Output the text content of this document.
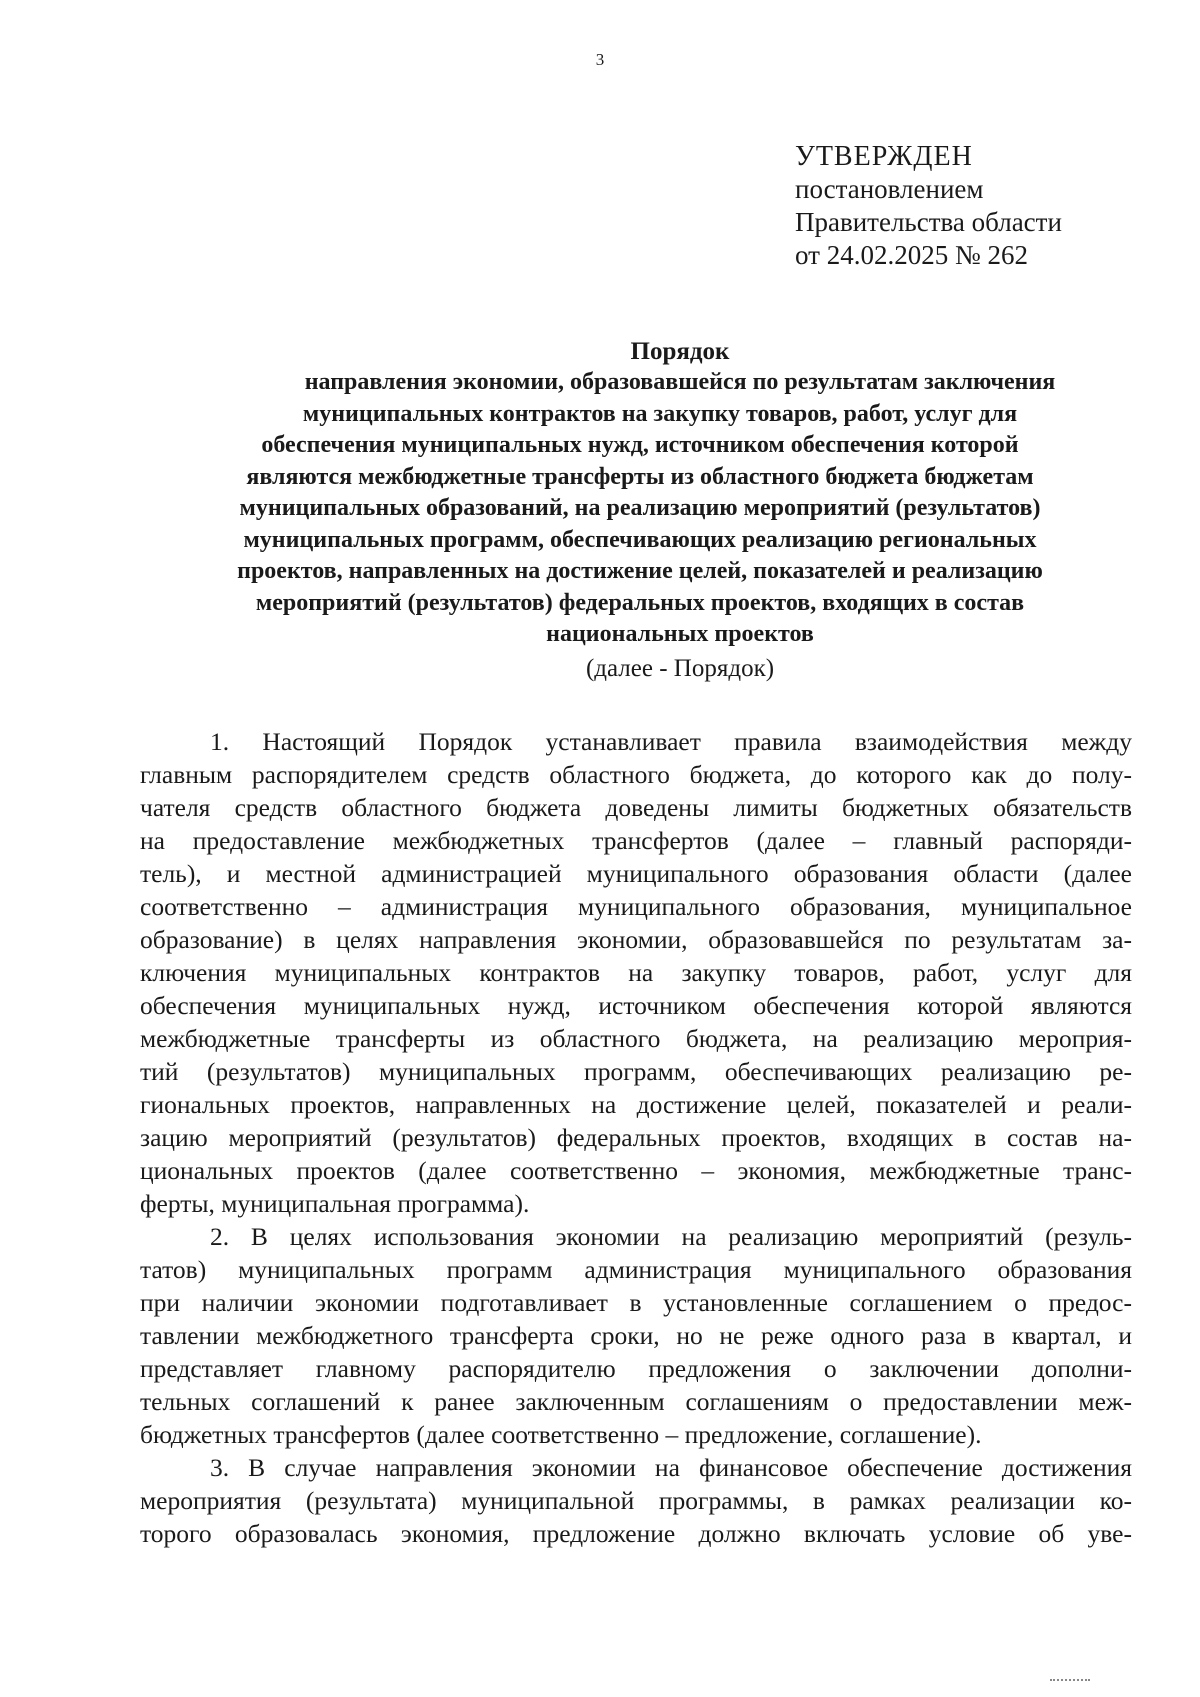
3
УТВЕРЖДЕН
постановлением
Правительства области
от 24.02.2025 № 262
Порядок
направления экономии, образовавшейся по результатам заключения
муниципальных контрактов на закупку товаров, работ, услуг для
обеспечения муниципальных нужд, источником обеспечения которой
являются межбюджетные трансферты из областного бюджета бюджетам
муниципальных образований, на реализацию мероприятий (результатов)
муниципальных программ, обеспечивающих реализацию региональных
проектов, направленных на достижение целей, показателей и реализацию
мероприятий (результатов) федеральных проектов, входящих в состав
национальных проектов
(далее - Порядок)
1. Настоящий Порядок устанавливает правила взаимодействия между
главным распорядителем средств областного бюджета, до которого как до полу-
чателя средств областного бюджета доведены лимиты бюджетных обязательств
на предоставление межбюджетных трансфертов (далее – главный распоряди-
тель), и местной администрацией муниципального образования области (далее
соответственно – администрация муниципального образования, муниципальное
образование) в целях направления экономии, образовавшейся по результатам за-
ключения муниципальных контрактов на закупку товаров, работ, услуг для
обеспечения муниципальных нужд, источником обеспечения которой являются
межбюджетные трансферты из областного бюджета, на реализацию мероприя-
тий (результатов) муниципальных программ, обеспечивающих реализацию ре-
гиональных проектов, направленных на достижение целей, показателей и реали-
зацию мероприятий (результатов) федеральных проектов, входящих в состав на-
циональных проектов (далее соответственно – экономия, межбюджетные транс-
ферты, муниципальная программа).
2. В целях использования экономии на реализацию мероприятий (резуль-
татов) муниципальных программ администрация муниципального образования
при наличии экономии подготавливает в установленные соглашением о предос-
тавлении межбюджетного трансферта сроки, но не реже одного раза в квартал, и
представляет главному распорядителю предложения о заключении дополни-
тельных соглашений к ранее заключенным соглашениям о предоставлении меж-
бюджетных трансфертов (далее соответственно – предложение, соглашение).
3. В случае направления экономии на финансовое обеспечение достижения
мероприятия (результата) муниципальной программы, в рамках реализации ко-
торого образовалась экономия, предложение должно включать условие об уве-
